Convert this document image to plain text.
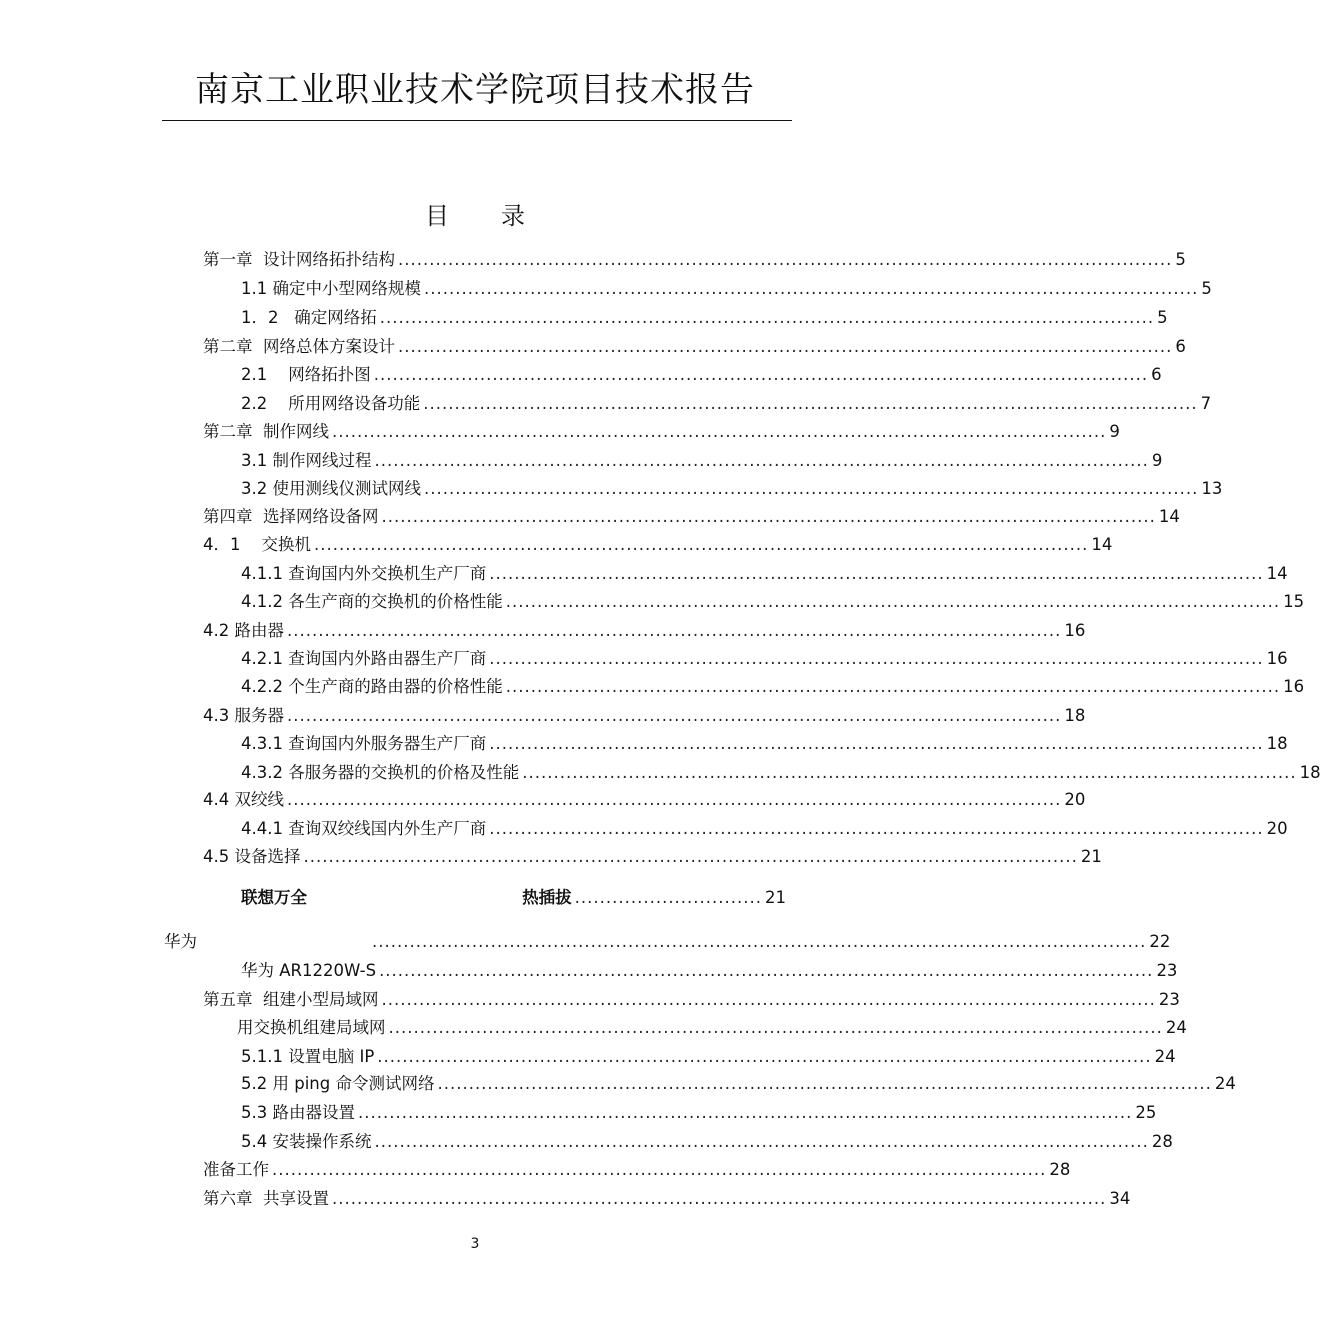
南京工业职业技术学院项目技术报告
目 录
第一章  设计网络拓扑结构 ............................................................................................................................ 5
1.1 确定中小型网络规模 ............................................................................................................................ 5
1．2   确定网络拓 ............................................................................................................................ 5
第二章  网络总体方案设计 ............................................................................................................................ 6
2.1    网络拓扑图 ............................................................................................................................ 6
2.2    所用网络设备功能 ............................................................................................................................ 7
第二章  制作网线 ............................................................................................................................ 9
3.1 制作网线过程 ............................................................................................................................ 9
3.2 使用测线仪测试网线 ............................................................................................................................ 13
第四章  选择网络设备网 ............................................................................................................................ 14
4．1    交换机 ............................................................................................................................ 14
4.1.1 查询国内外交换机生产厂商 ............................................................................................................................ 14
4.1.2 各生产商的交换机的价格性能 ............................................................................................................................ 15
4.2 路由器 ............................................................................................................................ 16
4.2.1 查询国内外路由器生产厂商 ............................................................................................................................ 16
4.2.2 个生产商的路由器的价格性能 ............................................................................................................................ 16
4.3 服务器 ............................................................................................................................ 18
4.3.1 查询国内外服务器生产厂商 ............................................................................................................................ 18
4.3.2 各服务器的交换机的价格及性能 ............................................................................................................................ 18
4.4 双绞线 ............................................................................................................................ 20
4.4.1 查询双绞线国内外生产厂商 ............................................................................................................................ 20
4.5 设备选择 ............................................................................................................................ 21
联想万全	热插拔 .............................. 21
华为	............................................................................................................................ 22
华为 AR1220W-S ............................................................................................................................ 23
第五章  组建小型局域网 ............................................................................................................................ 23
用交换机组建局域网 ............................................................................................................................ 24
5.1.1 设置电脑 IP ............................................................................................................................ 24
5.2 用 ping 命令测试网络 ............................................................................................................................ 24
5.3 路由器设置 ............................................................................................................................ 25
5.4 安装操作系统 ............................................................................................................................ 28
准备工作 ............................................................................................................................ 28
第六章  共享设置 ............................................................................................................................ 34
3
